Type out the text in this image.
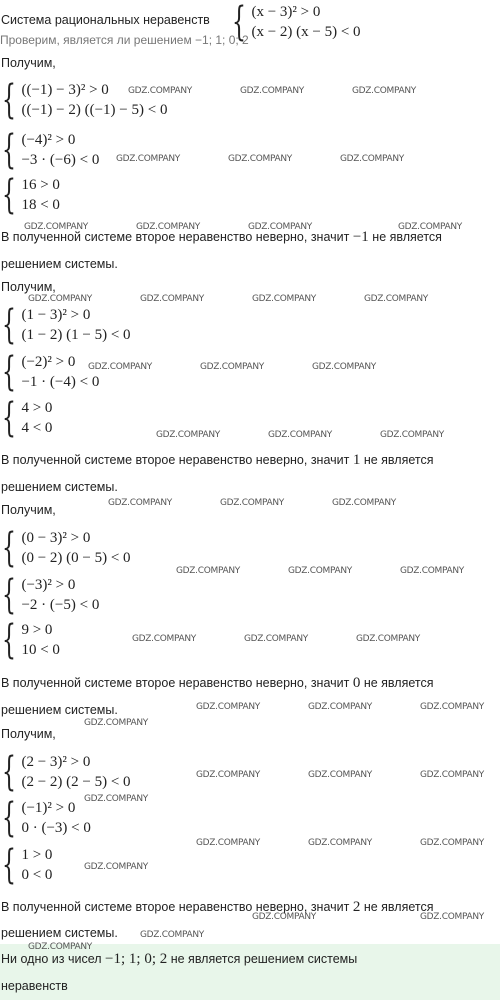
Система рациональных неравенств { (x − 3)² > 0
(x − 2) (x − 5) < 0
Проверим, является ли решением −1; 1; 0; 2
Получим,
{ ((−1) − 3)² > 0
((−1) − 2) ((−1) − 5) < 0
{ (−4)² > 0
−3 · (−6) < 0
{ 16 > 0
18 < 0
В полученной системе второе неравенство неверно, значит −1 не является
решением системы.
Получим,
{ (1 − 3)² > 0
(1 − 2) (1 − 5) < 0
{ (−2)² > 0
−1 · (−4) < 0
{ 4 > 0
4 < 0
В полученной системе второе неравенство неверно, значит 1 не является
решением системы.
Получим,
{ (0 − 3)² > 0
(0 − 2) (0 − 5) < 0
{ (−3)² > 0
−2 · (−5) < 0
{ 9 > 0
10 < 0
В полученной системе второе неравенство неверно, значит 0 не является
решением системы.
Получим,
{ (2 − 3)² > 0
(2 − 2) (2 − 5) < 0
{ (−1)² > 0
0 · (−3) < 0
{ 1 > 0
0 < 0
В полученной системе второе неравенство неверно, значит 2 не является
решением системы.
Ни одно из чисел −1; 1; 0; 2 не является решением системы
неравенств
GDZ.COMPANY	GDZ.COMPANY	GDZ.COMPANY
GDZ.COMPANY	GDZ.COMPANY	GDZ.COMPANY
GDZ.COMPANY	GDZ.COMPANY	GDZ.COMPANY	GDZ.COMPANY
GDZ.COMPANY	GDZ.COMPANY	GDZ.COMPANY	GDZ.COMPANY
GDZ.COMPANY	GDZ.COMPANY	GDZ.COMPANY
GDZ.COMPANY	GDZ.COMPANY	GDZ.COMPANY
GDZ.COMPANY	GDZ.COMPANY	GDZ.COMPANY
GDZ.COMPANY	GDZ.COMPANY	GDZ.COMPANY
GDZ.COMPANY	GDZ.COMPANY	GDZ.COMPANY
GDZ.COMPANY	GDZ.COMPANY	GDZ.COMPANY
GDZ.COMPANY
GDZ.COMPANY	GDZ.COMPANY	GDZ.COMPANY
GDZ.COMPANY
GDZ.COMPANY	GDZ.COMPANY	GDZ.COMPANY
GDZ.COMPANY
GDZ.COMPANY	GDZ.COMPANY
GDZ.COMPANY
GDZ.COMPANY
